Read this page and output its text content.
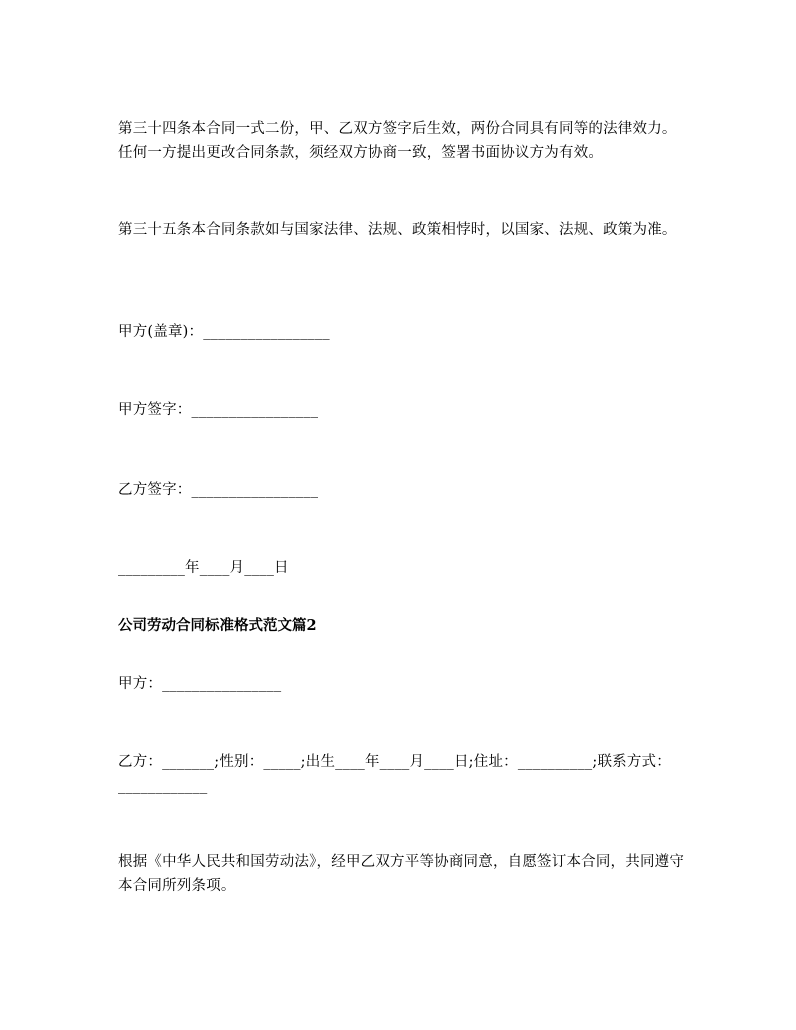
第三十四条本合同一式二份，甲、乙双方签字后生效，两份合同具有同等的法律效力。任何一方提出更改合同条款，须经双方协商一致，签署书面协议方为有效。

第三十五条本合同条款如与国家法律、法规、政策相悖时，以国家、法规、政策为准。

甲方(盖章)：_________________

甲方签字：_________________

乙方签字：_________________

_________年____月____日

公司劳动合同标准格式范文篇2

甲方：________________

乙方：_______;性别：_____;出生____年____月____日;住址：__________;联系方式：____________

根据《中华人民共和国劳动法》，经甲乙双方平等协商同意，自愿签订本合同，共同遵守本合同所列条项。
